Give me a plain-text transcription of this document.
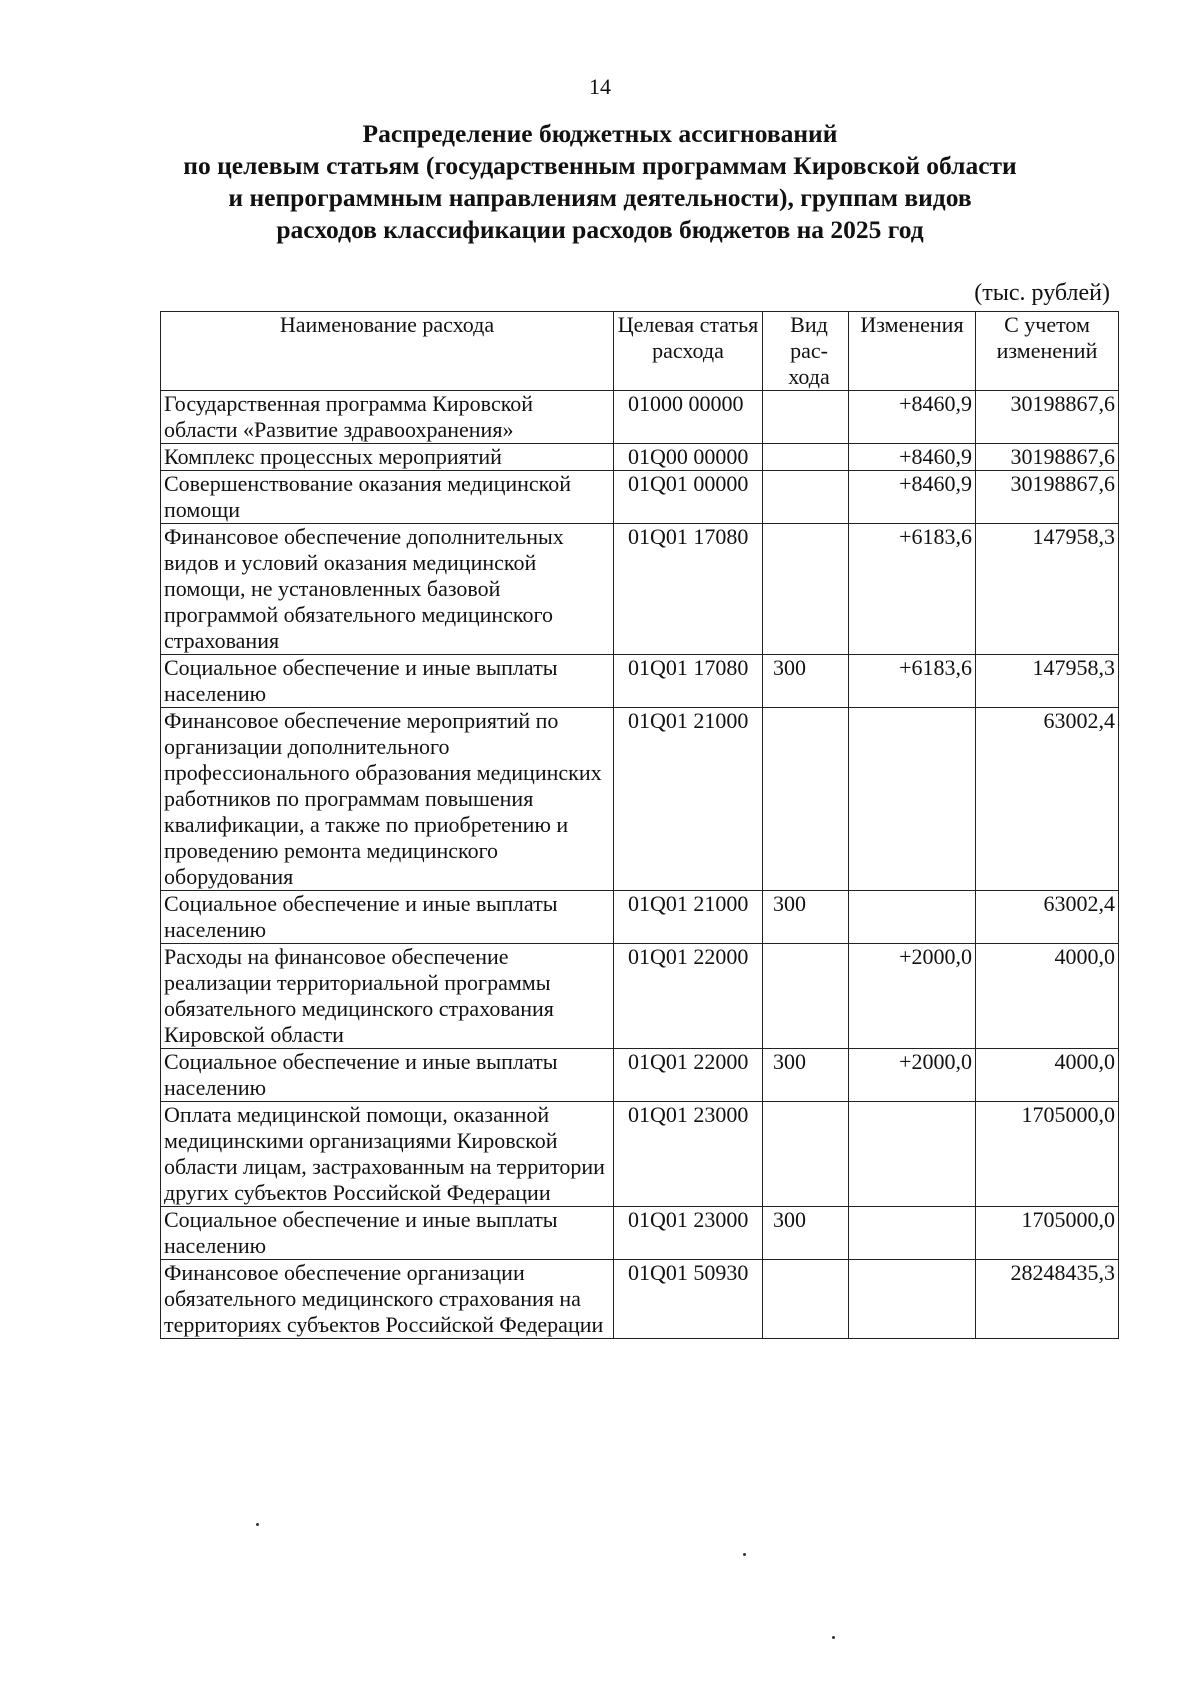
14
Распределение бюджетных ассигнований
по целевым статьям (государственным программам Кировской области
и непрограммным направлениям деятельности), группам видов
расходов классификации расходов бюджетов на 2025 год
(тыс. рублей)
Наименование расхода	Целевая статья расхода	Вид рас-хода	Изменения	С учетом изменений
Государственная программа Кировской области «Развитие здравоохранения»	01000 00000		+8460,9	30198867,6
Комплекс процессных мероприятий	01Q00 00000		+8460,9	30198867,6
Совершенствование оказания медицинской помощи	01Q01 00000		+8460,9	30198867,6
Финансовое обеспечение дополнительных видов и условий оказания медицинской помощи, не установленных базовой программой обязательного медицинского страхования	01Q01 17080		+6183,6	147958,3
Социальное обеспечение и иные выплаты населению	01Q01 17080	300	+6183,6	147958,3
Финансовое обеспечение мероприятий по организации дополнительного профессионального образования медицинских работников по программам повышения квалификации, а также по приобретению и проведению ремонта медицинского оборудования	01Q01 21000			63002,4
Социальное обеспечение и иные выплаты населению	01Q01 21000	300		63002,4
Расходы на финансовое обеспечение реализации территориальной программы обязательного медицинского страхования Кировской области	01Q01 22000		+2000,0	4000,0
Социальное обеспечение и иные выплаты населению	01Q01 22000	300	+2000,0	4000,0
Оплата медицинской помощи, оказанной медицинскими организациями Кировской области лицам, застрахованным на территории других субъектов Российской Федерации	01Q01 23000			1705000,0
Социальное обеспечение и иные выплаты населению	01Q01 23000	300		1705000,0
Финансовое обеспечение организации обязательного медицинского страхования на территориях субъектов Российской Федерации	01Q01 50930			28248435,3
